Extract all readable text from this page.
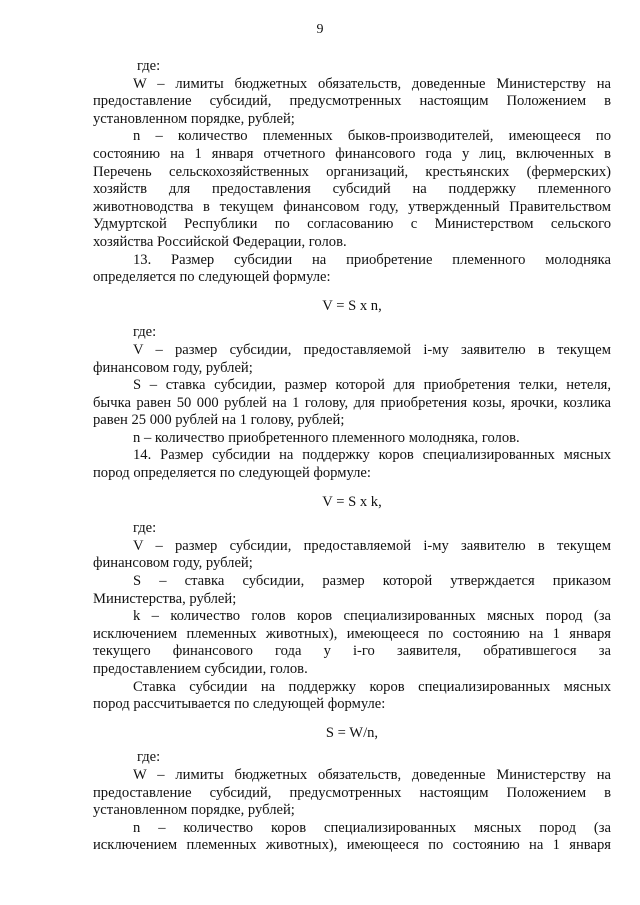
9
где:
W – лимиты бюджетных обязательств, доведенные Министерству на
предоставление субсидий, предусмотренных настоящим Положением в
установленном порядке, рублей;
n – количество племенных быков-производителей, имеющееся по
состоянию на 1 января отчетного финансового года у лиц, включенных в
Перечень сельскохозяйственных организаций, крестьянских (фермерских)
хозяйств для предоставления субсидий на поддержку племенного
животноводства в текущем финансовом году, утвержденный Правительством
Удмуртской Республики по согласованию с Министерством сельского
хозяйства Российской Федерации, голов.
13. Размер субсидии на приобретение племенного молодняка
определяется по следующей формуле:
V = S x n,
где:
V – размер субсидии, предоставляемой i-му заявителю в текущем
финансовом году, рублей;
S – ставка субсидии, размер которой для приобретения телки, нетеля,
бычка равен 50 000 рублей на 1 голову, для приобретения козы, ярочки, козлика
равен 25 000 рублей на 1 голову, рублей;
n – количество приобретенного племенного молодняка, голов.
14. Размер субсидии на поддержку коров специализированных мясных
пород определяется по следующей формуле:
V = S x k,
где:
V – размер субсидии, предоставляемой i-му заявителю в текущем
финансовом году, рублей;
S – ставка субсидии, размер которой утверждается приказом
Министерства, рублей;
k – количество голов коров специализированных мясных пород (за
исключением племенных животных), имеющееся по состоянию на 1 января
текущего финансового года у i-го заявителя, обратившегося за
предоставлением субсидии, голов.
Ставка субсидии на поддержку коров специализированных мясных
пород рассчитывается по следующей формуле:
S = W/n,
где:
W – лимиты бюджетных обязательств, доведенные Министерству на
предоставление субсидий, предусмотренных настоящим Положением в
установленном порядке, рублей;
n – количество коров специализированных мясных пород (за
исключением племенных животных), имеющееся по состоянию на 1 января
